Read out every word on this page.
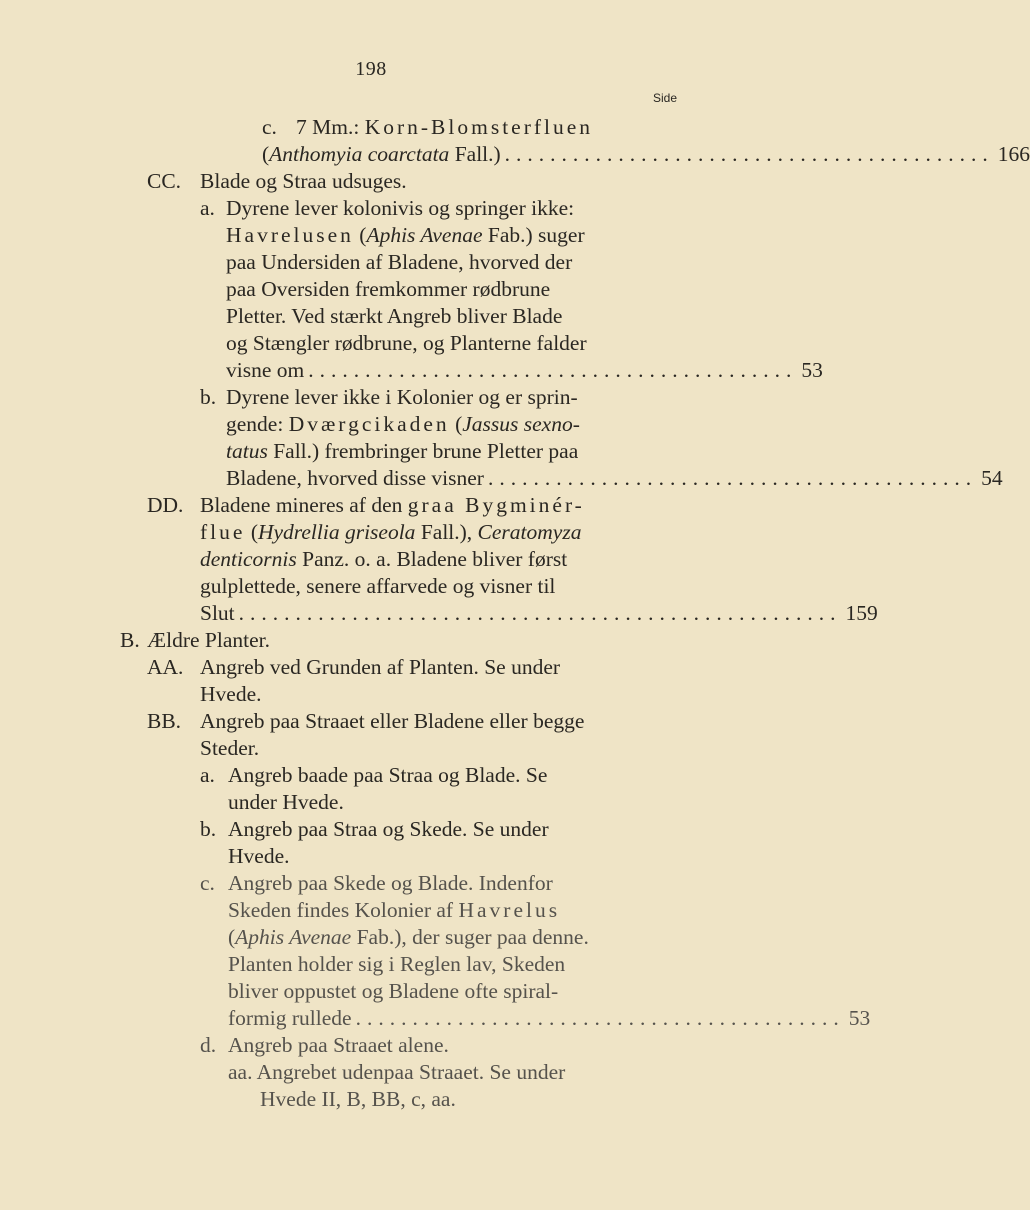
198
Side
c. 7 Mm.: Korn-Blomsterfluen
(Anthomyia coarctata Fall.) ........................................... 166
CC. Blade og Straa udsuges.
a. Dyrene lever kolonivis og springer ikke:
Havrelusen (Aphis Avenae Fab.) suger
paa Undersiden af Bladene, hvorved der
paa Oversiden fremkommer rødbrune
Pletter. Ved stærkt Angreb bliver Blade
og Stængler rødbrune, og Planterne falder
visne om ........................................... 53
b. Dyrene lever ikke i Kolonier og er sprin-
gende: Dværgcikaden (Jassus sexno-
tatus Fall.) frembringer brune Pletter paa
Bladene, hvorved disse visner ........................................... 54
DD. Bladene mineres af den graa Bygminér-
flue (Hydrellia griseola Fall.), Ceratomyza
denticornis Panz. o. a. Bladene bliver først
gulplettede, senere affarvede og visner til
Slut ..................................................... 159
B. Ældre Planter.
AA. Angreb ved Grunden af Planten. Se under
Hvede.
BB. Angreb paa Straaet eller Bladene eller begge
Steder.
a. Angreb baade paa Straa og Blade. Se
under Hvede.
b. Angreb paa Straa og Skede. Se under
Hvede.
c. Angreb paa Skede og Blade. Indenfor
Skeden findes Kolonier af Havrelus
(Aphis Avenae Fab.), der suger paa denne.
Planten holder sig i Reglen lav, Skeden
bliver oppustet og Bladene ofte spiral-
formig rullede ........................................... 53
d. Angreb paa Straaet alene.
aa. Angrebet udenpaa Straaet. Se under
Hvede II, B, BB, c, aa.
